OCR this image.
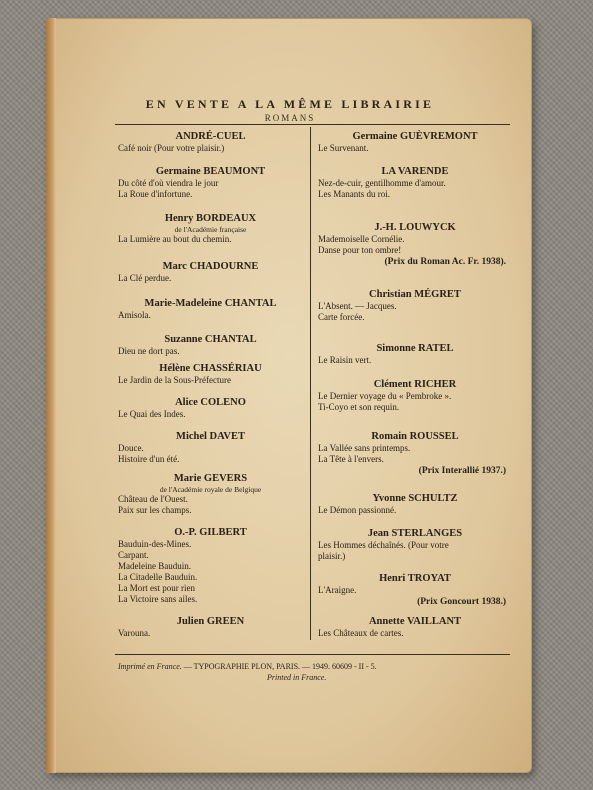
EN VENTE A LA MÊME LIBRAIRIE
ROMANS
ANDRÉ-CUEL
Café noir (Pour votre plaisir.)
Germaine BEAUMONT
Du côté d'où viendra le jour
La Roue d'infortune.
Henry BORDEAUX
de l'Académie française
La Lumière au bout du chemin.
Marc CHADOURNE
La Clé perdue.
Marie-Madeleine CHANTAL
Amisola.
Suzanne CHANTAL
Dieu ne dort pas.
Hélène CHASSÉRIAU
Le Jardin de la Sous-Préfecture
Alice COLENO
Le Quai des Indes.
Michel DAVET
Douce.
Histoire d'un été.
Marie GEVERS
de l'Académie royale de Belgique
Château de l'Ouest.
Paix sur les champs.
O.-P. GILBERT
Bauduin-des-Mines.
Carpant.
Madeleine Bauduin.
La Citadelle Bauduin.
La Mort est pour rien
La Victoire sans ailes.
Julien GREEN
Varouna.
Germaine GUÈVREMONT
Le Survenant.
LA VARENDE
Nez-de-cuir, gentilhomme d'amour.
Les Manants du roi.
J.-H. LOUWYCK
Mademoiselle Cornélie.
Danse pour ton ombre!
(Prix du Roman Ac. Fr. 1938).
Christian MÉGRET
L'Absent. — Jacques.
Carte forcée.
Simonne RATEL
Le Raisin vert.
Clément RICHER
Le Dernier voyage du « Pembroke ».
Ti-Coyo et son requin.
Romain ROUSSEL
La Vallée sans printemps.
La Tête à l'envers.
(Prix Interallié 1937.)
Yvonne SCHULTZ
Le Démon passionné.
Jean STERLANGES
Les Hommes déchaînés. (Pour votre
plaisir.)
Henri TROYAT
L'Araigne.
(Prix Goncourt 1938.)
Annette VAILLANT
Les Châteaux de cartes.
Imprimé en France. — TYPOGRAPHIE PLON, PARIS. — 1949. 60609 - II - 5.
Printed in France.
